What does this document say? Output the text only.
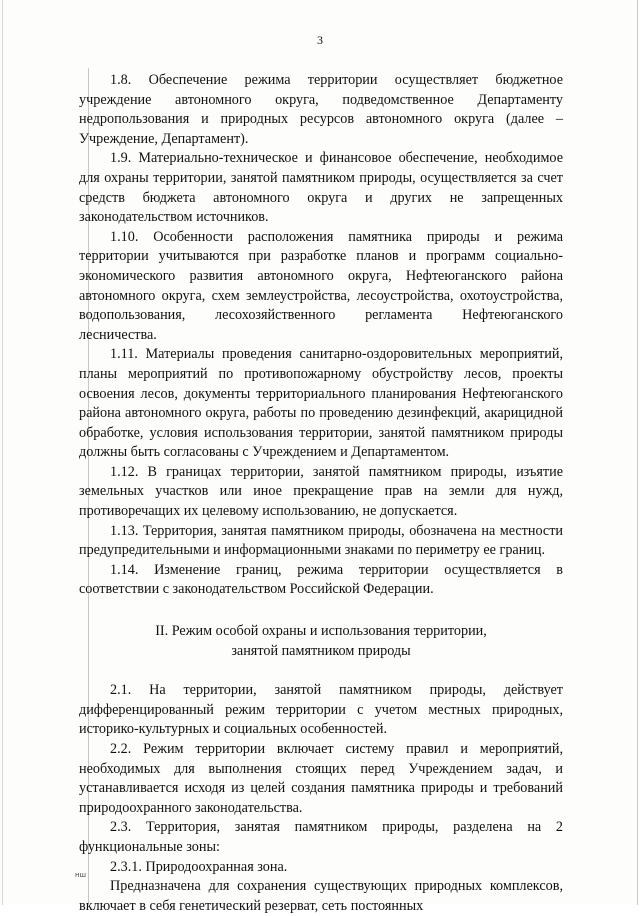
3

1.8. Обеспечение режима территории осуществляет бюджетное учреждение автономного округа, подведомственное Департаменту недропользования и природных ресурсов автономного округа (далее – Учреждение, Департамент).

1.9. Материально-техническое и финансовое обеспечение, необходимое для охраны территории, занятой памятником природы, осуществляется за счет средств бюджета автономного округа и других не запрещенных законодательством источников.

1.10. Особенности расположения памятника природы и режима территории учитываются при разработке планов и программ социально-экономического развития автономного округа, Нефтеюганского района автономного округа, схем землеустройства, лесоустройства, охотоустройства, водопользования, лесохозяйственного регламента Нефтеюганского лесничества.

1.11. Материалы проведения санитарно-оздоровительных мероприятий, планы мероприятий по противопожарному обустройству лесов, проекты освоения лесов, документы территориального планирования Нефтеюганского района автономного округа, работы по проведению дезинфекций, акарицидной обработке, условия использования территории, занятой памятником природы должны быть согласованы с Учреждением и Департаментом.

1.12. В границах территории, занятой памятником природы, изъятие земельных участков или иное прекращение прав на земли для нужд, противоречащих их целевому использованию, не допускается.

1.13. Территория, занятая памятником природы, обозначена на местности предупредительными и информационными знаками по периметру ее границ.

1.14. Изменение границ, режима территории осуществляется в соответствии с законодательством Российской Федерации.

II. Режим особой охраны и использования территории,
занятой памятником природы

2.1. На территории, занятой памятником природы, действует дифференцированный режим территории с учетом местных природных, историко-культурных и социальных особенностей.

2.2. Режим территории включает систему правил и мероприятий, необходимых для выполнения стоящих перед Учреждением задач, и устанавливается исходя из целей создания памятника природы и требований природоохранного законодательства.

2.3. Территория, занятая памятником природы, разделена на 2 функциональные зоны:

2.3.1. Природоохранная зона.

Предназначена для сохранения существующих природных комплексов, включает в себя генетический резерват, сеть постоянных

нш
